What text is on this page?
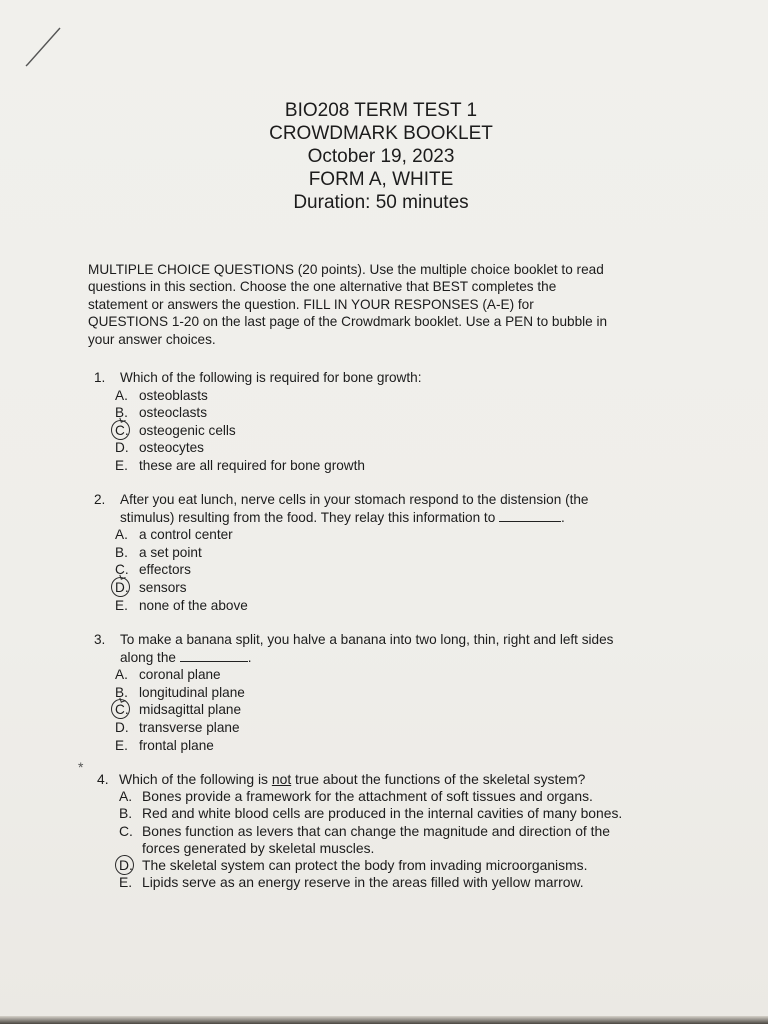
BIO208 TERM TEST 1
CROWDMARK BOOKLET
October 19, 2023
FORM A, WHITE
Duration: 50 minutes
MULTIPLE CHOICE QUESTIONS (20 points). Use the multiple choice booklet to read
questions in this section. Choose the one alternative that BEST completes the
statement or answers the question. FILL IN YOUR RESPONSES (A-E) for
QUESTIONS 1-20 on the last page of the Crowdmark booklet. Use a PEN to bubble in
your answer choices.
1. Which of the following is required for bone growth:
A. osteoblasts
B. osteoclasts
C. osteogenic cells
D. osteocytes
E. these are all required for bone growth
2. After you eat lunch, nerve cells in your stomach respond to the distension (the
stimulus) resulting from the food. They relay this information to	.
A. a control center
B. a set point
C. effectors
D. sensors
E. none of the above
3. To make a banana split, you halve a banana into two long, thin, right and left sides
along the	.
A. coronal plane
B. longitudinal plane
C. midsagittal plane
D. transverse plane
E. frontal plane
*
4. Which of the following is not true about the functions of the skeletal system?
A. Bones provide a framework for the attachment of soft tissues and organs.
B. Red and white blood cells are produced in the internal cavities of many bones.
C. Bones function as levers that can change the magnitude and direction of the
forces generated by skeletal muscles.
D. The skeletal system can protect the body from invading microorganisms.
E. Lipids serve as an energy reserve in the areas filled with yellow marrow.
